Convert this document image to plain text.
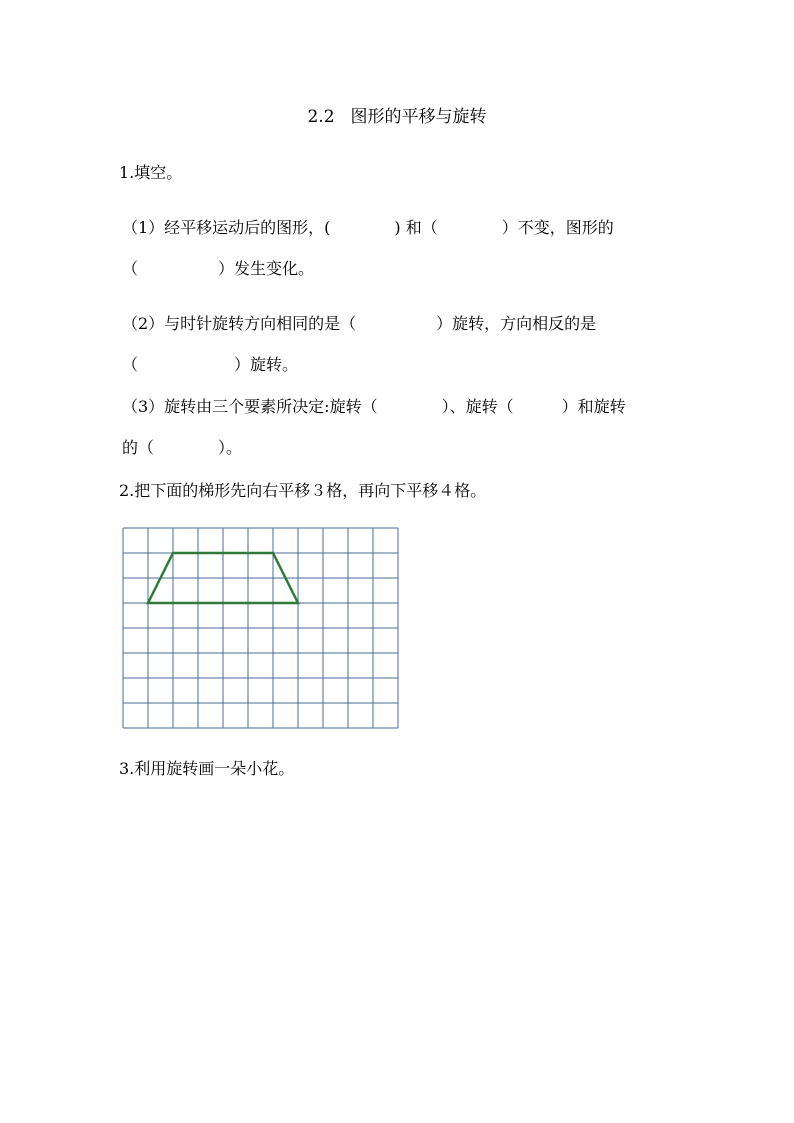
2.2 图形的平移与旋转
1.填空。
（1）经平移运动后的图形，(　　　　) 和（　　　　）不变，图形的
（　　　　　）发生变化。
（2）与时针旋转方向相同的是（　　　　　）旋转，方向相反的是
（　　　　　　）旋转。
（3）旋转由三个要素所决定:旋转（　　　　）、旋转（　　　）和旋转
的（　　　　）。
2.把下面的梯形先向右平移３格，再向下平移４格。
3.利用旋转画一朵小花。
